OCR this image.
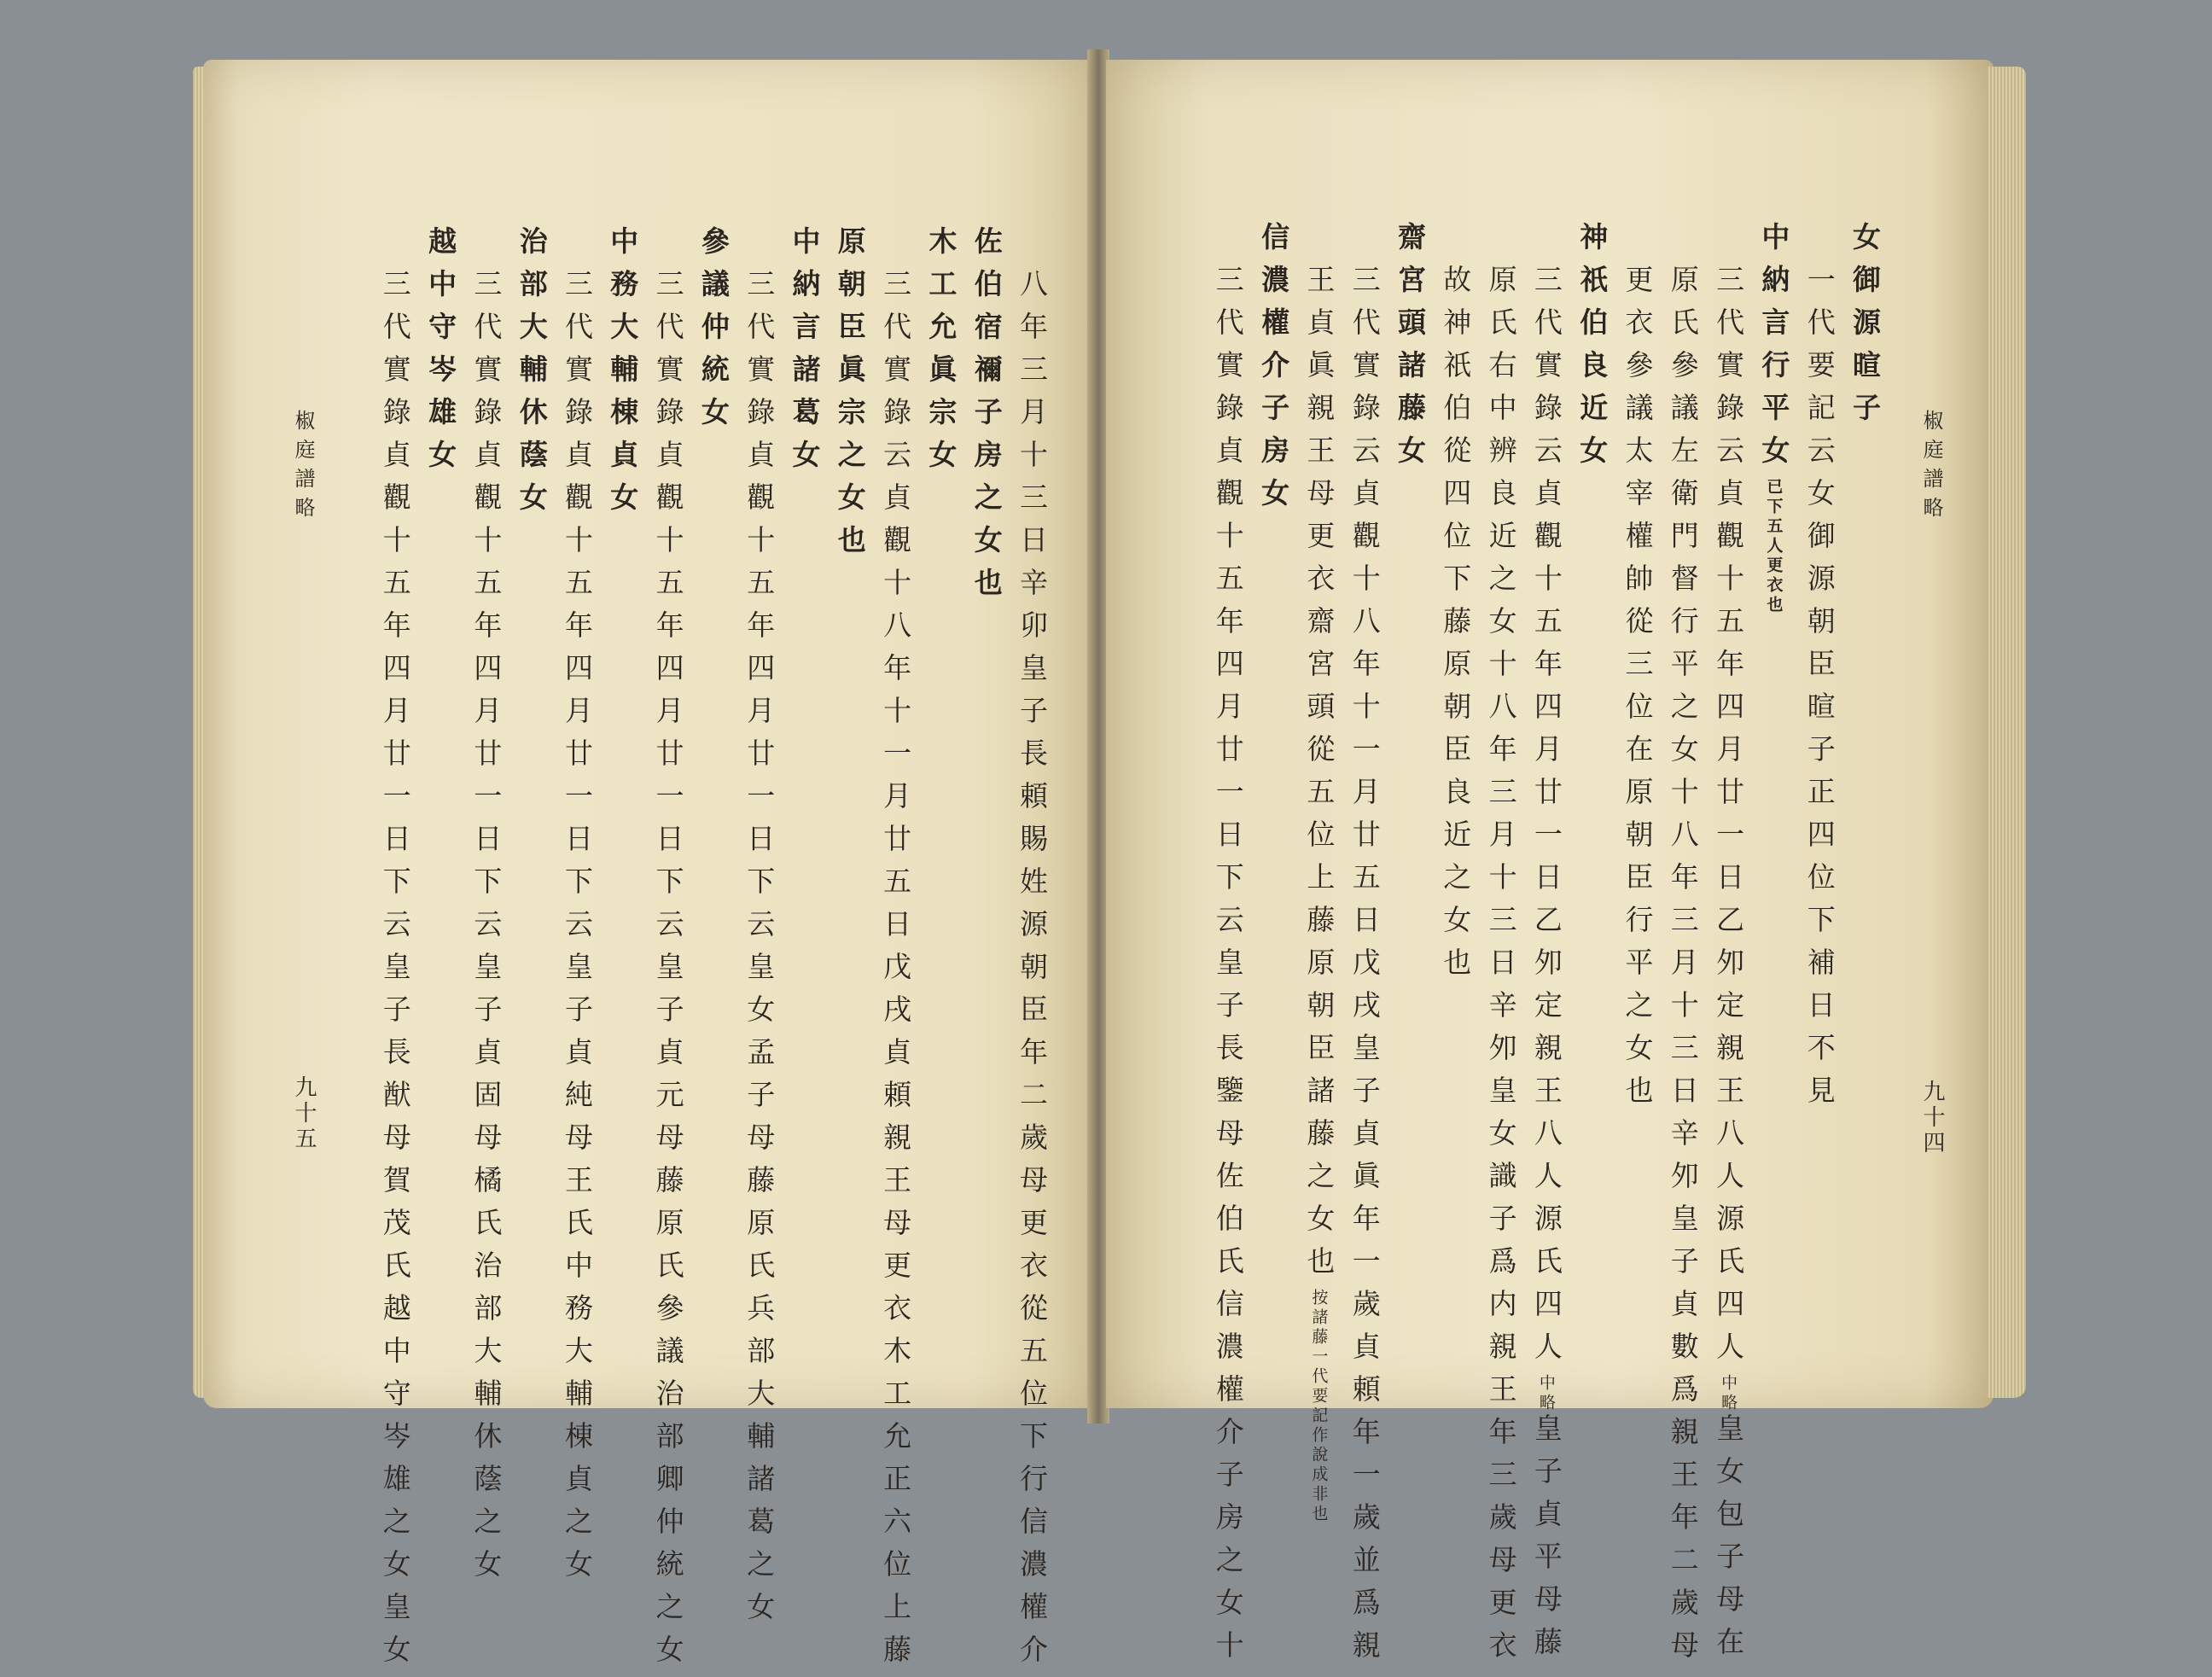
椒庭譜略
九十五	八年三月十三日辛卯皇子長頼賜姓源朝臣年二歲母更衣從五位下行信濃權介
佐伯宿禰子房之女也
木工允眞宗女
三代實錄云貞觀十八年十一月廿五日戊戌貞頼親王母更衣木工允正六位上藤
原朝臣眞宗之女也
中納言諸葛女
三代實錄貞觀十五年四月廿一日下云皇女孟子母藤原氏兵部大輔諸葛之女
參議仲統女
三代實錄貞觀十五年四月廿一日下云皇子貞元母藤原氏參議治部卿仲統之女
中務大輔棟貞女
三代實錄貞觀十五年四月廿一日下云皇子貞純母王氏中務大輔棟貞之女
治部大輔休蔭女
三代實錄貞觀十五年四月廿一日下云皇子貞固母橘氏治部大輔休蔭之女
越中守岑雄女
三代實錄貞觀十五年四月廿一日下云皇子長猷母賀茂氏越中守岑雄之女皇女	椒庭譜略
九十四
女御源暄子
一代要記云女御源朝臣暄子正四位下補日不見
中納言行平女已下五人更衣也
三代實錄云貞觀十五年四月廿一日乙夘定親王八人源氏四人中略皇女包子母在
原氏參議左衛門督行平之女十八年三月十三日辛夘皇子貞數爲親王年二歲母
更衣參議太宰權帥從三位在原朝臣行平之女也
神祇伯良近女
三代實錄云貞觀十五年四月廿一日乙夘定親王八人源氏四人中略皇子貞平母藤
原氏右中辨良近之女十八年三月十三日辛夘皇女識子爲内親王年三歲母更衣
故神祇伯從四位下藤原朝臣良近之女也
齋宮頭諸藤女
三代實錄云貞觀十八年十一月廿五日戊戌皇子貞眞年一歲貞頼年一歲並爲親
王貞眞親王母更衣齋宮頭從五位上藤原朝臣諸藤之女也按諸藤一代要記作說成非也
信濃權介子房女
三代實錄貞觀十五年四月廿一日下云皇子長鑒母佐伯氏信濃權介子房之女十
